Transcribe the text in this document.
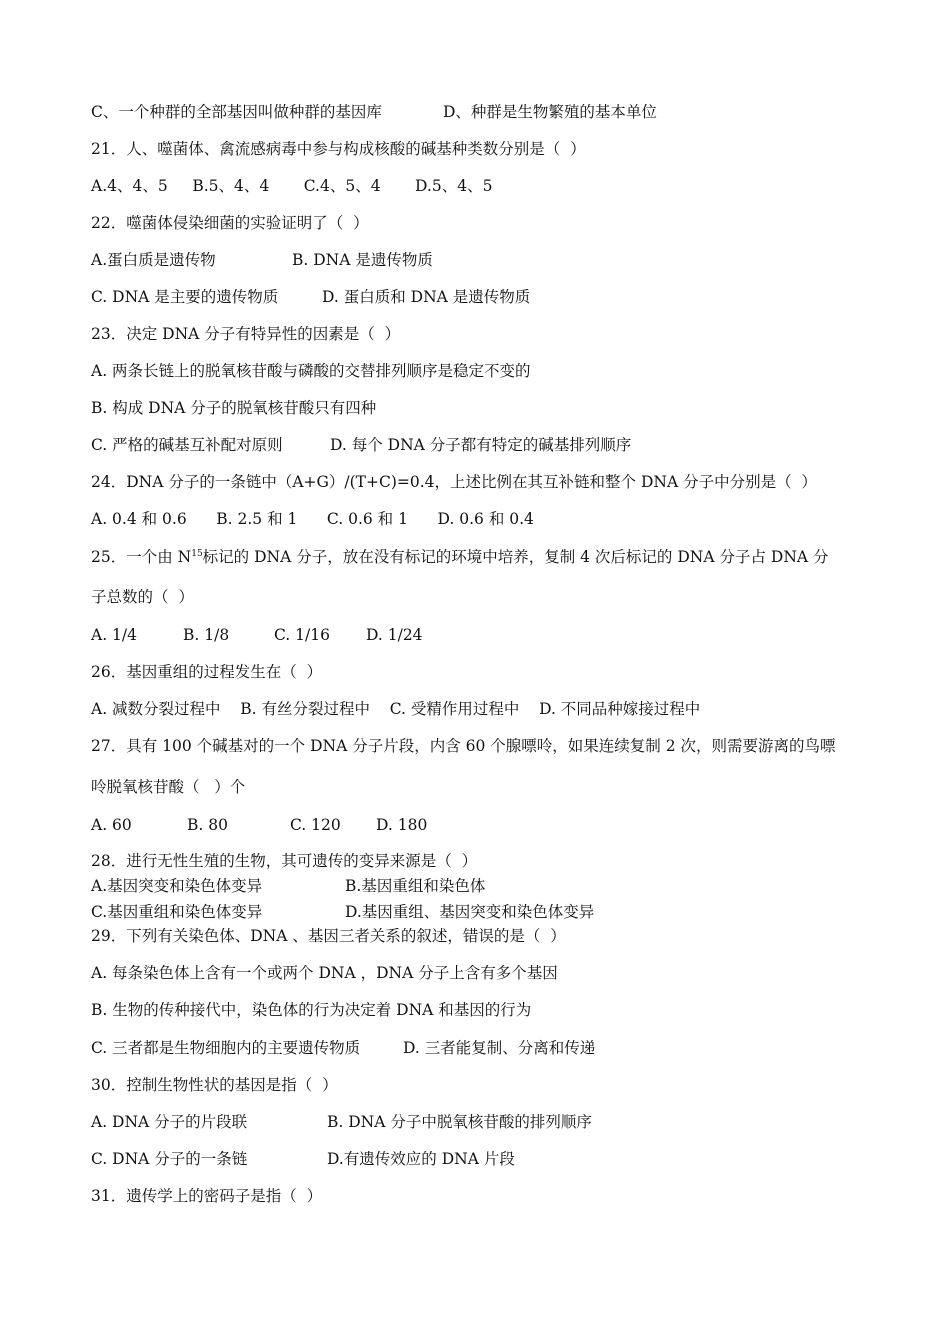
C、一个种群的全部基因叫做种群的基因库	D、种群是生物繁殖的基本单位
21．人、噬菌体、禽流感病毒中参与构成核酸的碱基种类数分别是（  ）
A.4、4、5     B.5、4、4       C.4、5、4       D.5、4、5
22．噬菌体侵染细菌的实验证明了（  ）
A.蛋白质是遗传物	B. DNA 是遗传物质
C. DNA 是主要的遗传物质	D. 蛋白质和 DNA 是遗传物质
23．决定 DNA 分子有特异性的因素是（  ）
A. 两条长链上的脱氧核苷酸与磷酸的交替排列顺序是稳定不变的
B. 构成 DNA 分子的脱氧核苷酸只有四种
C. 严格的碱基互补配对原则	D. 每个 DNA 分子都有特定的碱基排列顺序
24．DNA 分子的一条链中（A+G）/(T+C)=0.4，上述比例在其互补链和整个 DNA 分子中分别是（  ）
A. 0.4 和 0.6      B. 2.5 和 1      C. 0.6 和 1      D. 0.6 和 0.4
25．一个由 $N^{15}$标记的 DNA 分子，放在没有标记的环境中培养，复制 4 次后标记的 DNA 分子占 DNA 分
子总数的（  ）
A. 1/4	B. 1/8	C. 1/16 D. 1/24
26．基因重组的过程发生在（  ）
A. 减数分裂过程中    B. 有丝分裂过程中    C. 受精作用过程中    D. 不同品种嫁接过程中
27．具有 100 个碱基对的一个 DNA 分子片段，内含 60 个腺嘌呤，如果连续复制 2 次，则需要游离的鸟嘌
呤脱氧核苷酸（   ）个
A. 60	B. 80	C. 120 D. 180
28．进行无性生殖的生物，其可遗传的变异来源是（  ）
A.基因突变和染色体变异	B.基因重组和染色体
C.基因重组和染色体变异	D.基因重组、基因突变和染色体变异
29．下列有关染色体、DNA 、基因三者关系的叙述，错误的是（  ）
A. 每条染色体上含有一个或两个 DNA ，DNA 分子上含有多个基因
B. 生物的传种接代中，染色体的行为决定着 DNA 和基因的行为
C. 三者都是生物细胞内的主要遗传物质	D. 三者能复制、分离和传递
30．控制生物性状的基因是指（  ）
A. DNA 分子的片段联	B. DNA 分子中脱氧核苷酸的排列顺序
C. DNA 分子的一条链	D.有遗传效应的 DNA 片段
31．遗传学上的密码子是指（  ）
